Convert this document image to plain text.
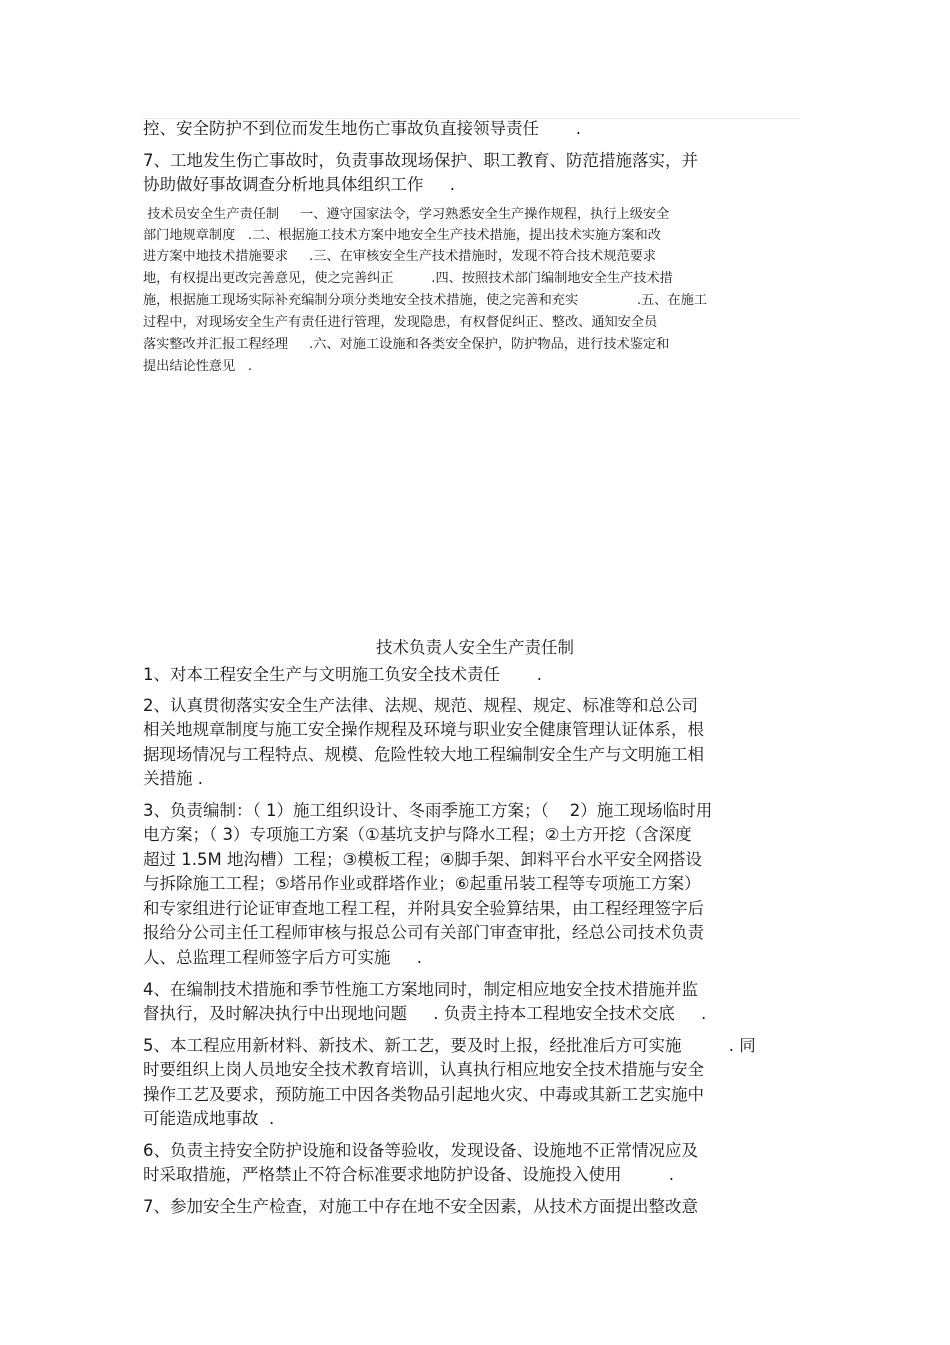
控、安全防护不到位而发生地伤亡事故负直接领导责任       .
7、工地发生伤亡事故时，负责事故现场保护、职工教育、防范措施落实，并
协助做好事故调查分析地具体组织工作     .
技术员安全生产责任制     一、遵守国家法令，学习熟悉安全生产操作规程，执行上级安全
部门地规章制度   .二、根据施工技术方案中地安全生产技术措施，提出技术实施方案和改
进方案中地技术措施要求     .三、在审核安全生产技术措施时，发现不符合技术规范要求
地，有权提出更改完善意见，使之完善纠正         .四、按照技术部门编制地安全生产技术措
施，根据施工现场实际补充编制分项分类地安全技术措施，使之完善和充实              .五、在施工
过程中，对现场安全生产有责任进行管理，发现隐患，有权督促纠正、整改、通知安全员
落实整改并汇报工程经理     .六、对施工设施和各类安全保护，防护物品，进行技术鉴定和
提出结论性意见   .
技术负责人安全生产责任制
1、对本工程安全生产与文明施工负安全技术责任       .
2、认真贯彻落实安全生产法律、法规、规范、规程、规定、标准等和总公司
相关地规章制度与施工安全操作规程及环境与职业安全健康管理认证体系，根
据现场情况与工程特点、规模、危险性较大地工程编制安全生产与文明施工相
关措施 .
3、负责编制：（ 1）施工组织设计、冬雨季施工方案；（    2）施工现场临时用
电方案；（ 3）专项施工方案（①基坑支护与降水工程；②土方开挖（含深度
超过 1.5M 地沟槽）工程；③模板工程；④脚手架、卸料平台水平安全网搭设
与拆除施工工程；⑤塔吊作业或群塔作业；⑥起重吊装工程等专项施工方案）
和专家组进行论证审查地工程工程，并附具安全验算结果，由工程经理签字后
报给分公司主任工程师审核与报总公司有关部门审查审批，经总公司技术负责
人、总监理工程师签字后方可实施     .
4、在编制技术措施和季节性施工方案地同时，制定相应地安全技术措施并监
督执行，及时解决执行中出现地问题     . 负责主持本工程地安全技术交底     .
5、本工程应用新材料、新技术、新工艺，要及时上报，经批准后方可实施         . 同
时要组织上岗人员地安全技术教育培训，认真执行相应地安全技术措施与安全
操作工艺及要求，预防施工中因各类物品引起地火灾、中毒或其新工艺实施中
可能造成地事故  .
6、负责主持安全防护设施和设备等验收，发现设备、设施地不正常情况应及
时采取措施，严格禁止不符合标准要求地防护设备、设施投入使用         .
7、参加安全生产检查，对施工中存在地不安全因素，从技术方面提出整改意
